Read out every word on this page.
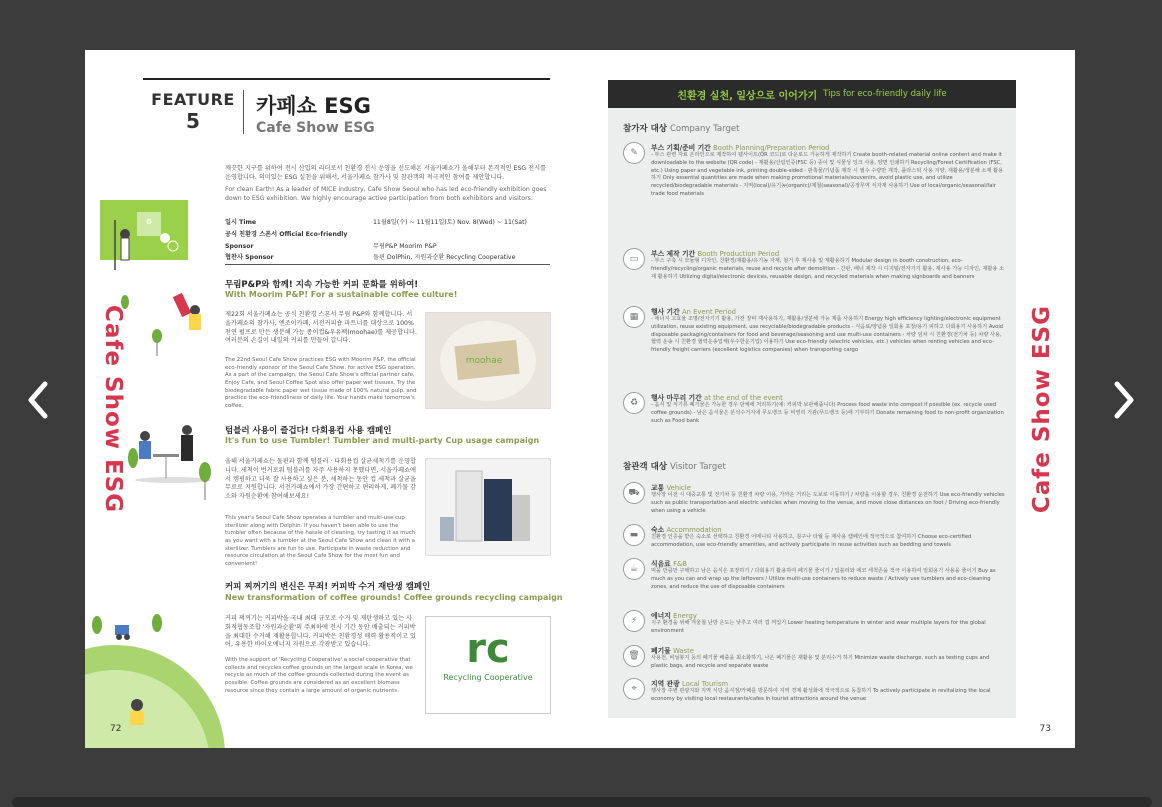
♻
Cafe Show ESG
FEATURE
5
카페쇼 ESG
Cafe Show ESG
깨끗한 지구를 위하여 전시 산업의 리더로서 친환경 전시 운영을 선도해온 서울카페쇼가 올해부터 본격적인 ESG 전시를 운영합니다. 의미있는 ESG 실천을 위해서, 서울카페쇼 참가사 및 참관객의 적극적인 참여를 제안합니다.
For clean Earth! As a leader of MICE industry, Cafe Show Seoul who has led eco-friendly exhibition goes down to ESG exhibition. We highly encourage active participation from both exhibitors and visitors.
일시 Time	11월8일(수) ~ 11월11일(토) Nov. 8(Wed) ~ 11(Sat)
공식 친환경 스폰서 Official Eco-friendly Sponsor	무림P&P Moorim P&P
협찬사 Sponsor	돌핀 DolPhin, 지원과순환 Recycling Cooperative
무림P&P와 함께! 지속 가능한 커피 문화를 위하여!
With Moorim P&P! For a sustainable coffee culture!
제22회 서울카페쇼는 공식 친환경 스폰서 무림 P&P와 함께합니다. 서울카페쇼의 참가사, 엔조이카페, 서전커피숍 파트너를 대상으로 100% 천연 펄프로 만든 생분해 가능 종이컵&우유팩(moohae)를 제공합니다. 여러분의 손길이 내일의 커피를 만들어 갑니다.
The 22nd Seoul Cafe Show practices ESG with Moorim P&P, the official eco-friendly sponsor of the Seoul Cafe Show, for active ESG operation. As a part of the campaign, the Seoul Cafe Show's official partner cafe, Enjoy Cafe, and Seoul Coffee Spot also offer paper wet tissues. Try the biodegradable fabric paper wet tissue made of 100% natural pulp, and practice the eco-friendliness of daily life. Your hands make tomorrow's coffee.
moohae
텀블러 사용이 즐겁다! 다회용컵 사용 캠페인
It's fun to use Tumbler! Tumbler and multi-party Cup usage campaign
올해 서울카페쇼는 돌핀과 함께 텀블러 · 다회용컵 살균세척기를 운영합니다. 세척이 번거로워 텀블러를 자주 사용하지 못했다면, 서울카페쇼에서 캠핑하고 더욱 잘 사용하고 싶은 분, 세척하는 동안 컵 세척과 살균을 무료로 지원합니다. 서전카페쇼에서 가장 간편하고 편리하게, 폐기물 감소와 자원순환에 참여해보세요!
This year's Seoul Cafe Show operates a tumbler and multi-use cup sterilizer along with Dolphin. If you haven't been able to use the tumbler often because of the hassle of cleaning, try tasting it as much as you want with a tumbler at the Seoul Cafe Show and clean it with a sterilizer. Tumblers are fun to use. Participate in waste reduction and resource circulation at the Seoul Cafe Show for the most fun and convenient!
커피 찌꺼기의 변신은 무죄! 커피박 수거 재탄생 캠페인
New transformation of coffee grounds! Coffee grounds recycling campaign
커피 찌꺼기는 커피박을 국내 최대 규모로 수거 및 재탄생하고 있는 사회적협동조합 '자원과순환'의 주최하에 전시 기간 동안 배출되는 커피박을 최대한 수거해 재활용합니다. 커피박은 친환경성 매력 활용적이고 있어, 유용한 바이오에너지 자원으로 각광받고 있습니다.
With the support of 'Recycling Cooperative' a social cooperative that collects and recycles coffee grounds on the largest scale in Korea, we recycle as much of the coffee grounds collected during the event as possible. Coffee grounds are considered as an excellent biomass resource since they contain a large amount of organic nutrients.
rc
Recycling Cooperative
72
친환경 실천, 일상으로 이어가기 Tips for eco-friendly daily life
참가자 대상 Company Target
✎	부스 기획/준비 기간 Booth Planning/Preparation Period
- 부스 관련 자료 온라인으로 제작하여 웹사이트(QR 코드)로 다운로드 가능하게 제작하기 Create booth-related material online content and make it downloadable to the website (QR code) - 재활용/산림인증(FSC 등) 종이 및 식물성 잉크 사용, 양면 인쇄하기 Recycling/Forest Certification (FSC, etc.) Using paper and vegetable ink, printing double-sided - 판촉물/기념품 제작 시 필수 수량만 제작, 플라스틱 사용 지양, 재활용/생분해 소재 활용하기 Only essential quantities are made when making promotional materials/souvenirs, avoid plastic use, and utilize recycled/biodegradable materials - 지역(local)/유기농(organic)/제철(seasonal)/공정무역 식자재 사용하기 Use of local/organic/seasonal/fair trade food materials
▭	부스 제작 기간 Booth Production Period
- 부스 구축 시 모듈형 디자인, 친환경/재활용/유기농 자재, 철거 후 재사용 및 재활용하기 Modular design in booth construction, eco-friendly/recycling/organic materials, reuse and recycle after demolition - 간판, 배너 제작 시 디지털/전자기기 활용, 재사용 가능 디자인, 재활용 소재 활용하기 Utilizing digital/electronic devices, reusable design, and recycled materials when making signboards and banners
▦	행사 기간 An Event Period
- 에너지 고효율 조명/전자기기 활용, 가전 장비 재사용하기, 재활용/생분해 가능 제품 사용하기 Energy high efficiency lighting/electronic equipment utilization, reuse existing equipment, use recyclable/biodegradable products - 식음료/양념용 일회용 포장/용기 피하고 다회용기 사용하기 Avoid disposable packaging/containers for food and beverage/seasoning and use multi-use containers - 차량 임차 시 친환경(전기차 등) 차량 사용, 협력 운송 시 친환경 협력운송업체(우수한운기업) 이용하기 Use eco-friendly (electric vehicles, etc.) vehicles when renting vehicles and eco-friendly freight carriers (excellent logistics companies) when transporting cargo
♻	행사 마무리 기간 at the end of the event
- 음식 및 식기류 폐기물은 가능한 경우 단체에 처리하기(예: 커피박 보관해줍니다) Process food waste into compost if possible (ex. recycle used coffee grounds) - 남은 음식물은 분석수거지에 무도뱅크 등 비영리 기관(푸드뱅크 등)에 기부하기 Donate remaining food to non-profit organization such as Food bank
참관객 대상 Visitor Target
⛟	교통 Vehicle
행사장 이전 시 대중교통 및 전기차 등 친환경 차량 이용, 가까운 거리는 도보로 이동하기 / 차량을 이용할 경우, 친환경 운전하기 Use eco-friendly vehicles such as public transportation and electric vehicles when moving to the venue, and move close distances on foot / Driving eco-friendly when using a vehicle
▬	숙소 Accommodation
친환경 인증을 받은 숙소로 선택하고 친환경 어메니티 사용하고, 침구나 타월 등 재사용 캠페인에 적극적으로 참여하기 Choose eco-certified accommodation, use eco-friendly amenities, and actively participate in reuse activities such as bedding and towels
☕	식음료 F&B
먹을 만큼만 구매하고 남은 음식은 포장하기 / 다회용기 활용하여 폐기물 줄이기 / 텀블러와 에코 세척존을 적극 이용하여 일회용기 사용을 줄이기 Buy as much as you can and wrap up the leftovers / Utilize multi-use containers to reduce waste / Actively use tumblers and eco-cleaning zones, and reduce the use of disposable containers
⚡	에너지 Energy
지구 환경을 위해 겨울철 난방 온도는 낮추고 여러 겹 껴입기 Lower heating temperature in winter and wear multiple layers for the global environment
🗑	폐기물 Waste
사용전, 비닐봉지 등의 폐기물 배출을 최소화하기, 나온 폐기물은 재활용 및 분리수거 하기 Minimize waste discharge, such as testing cups and plastic bags, and recycle and separate waste
⌖	지역 관광 Local Tourism
행사장 주변 관광지와 지역 식당 음식점/카페를 방문하여 지역 경제 활성화에 적극적으로 동참하기 To actively participate in revitalizing the local economy by visiting local restaurants/cafes in tourist attractions around the venue
Cafe Show ESG
73
